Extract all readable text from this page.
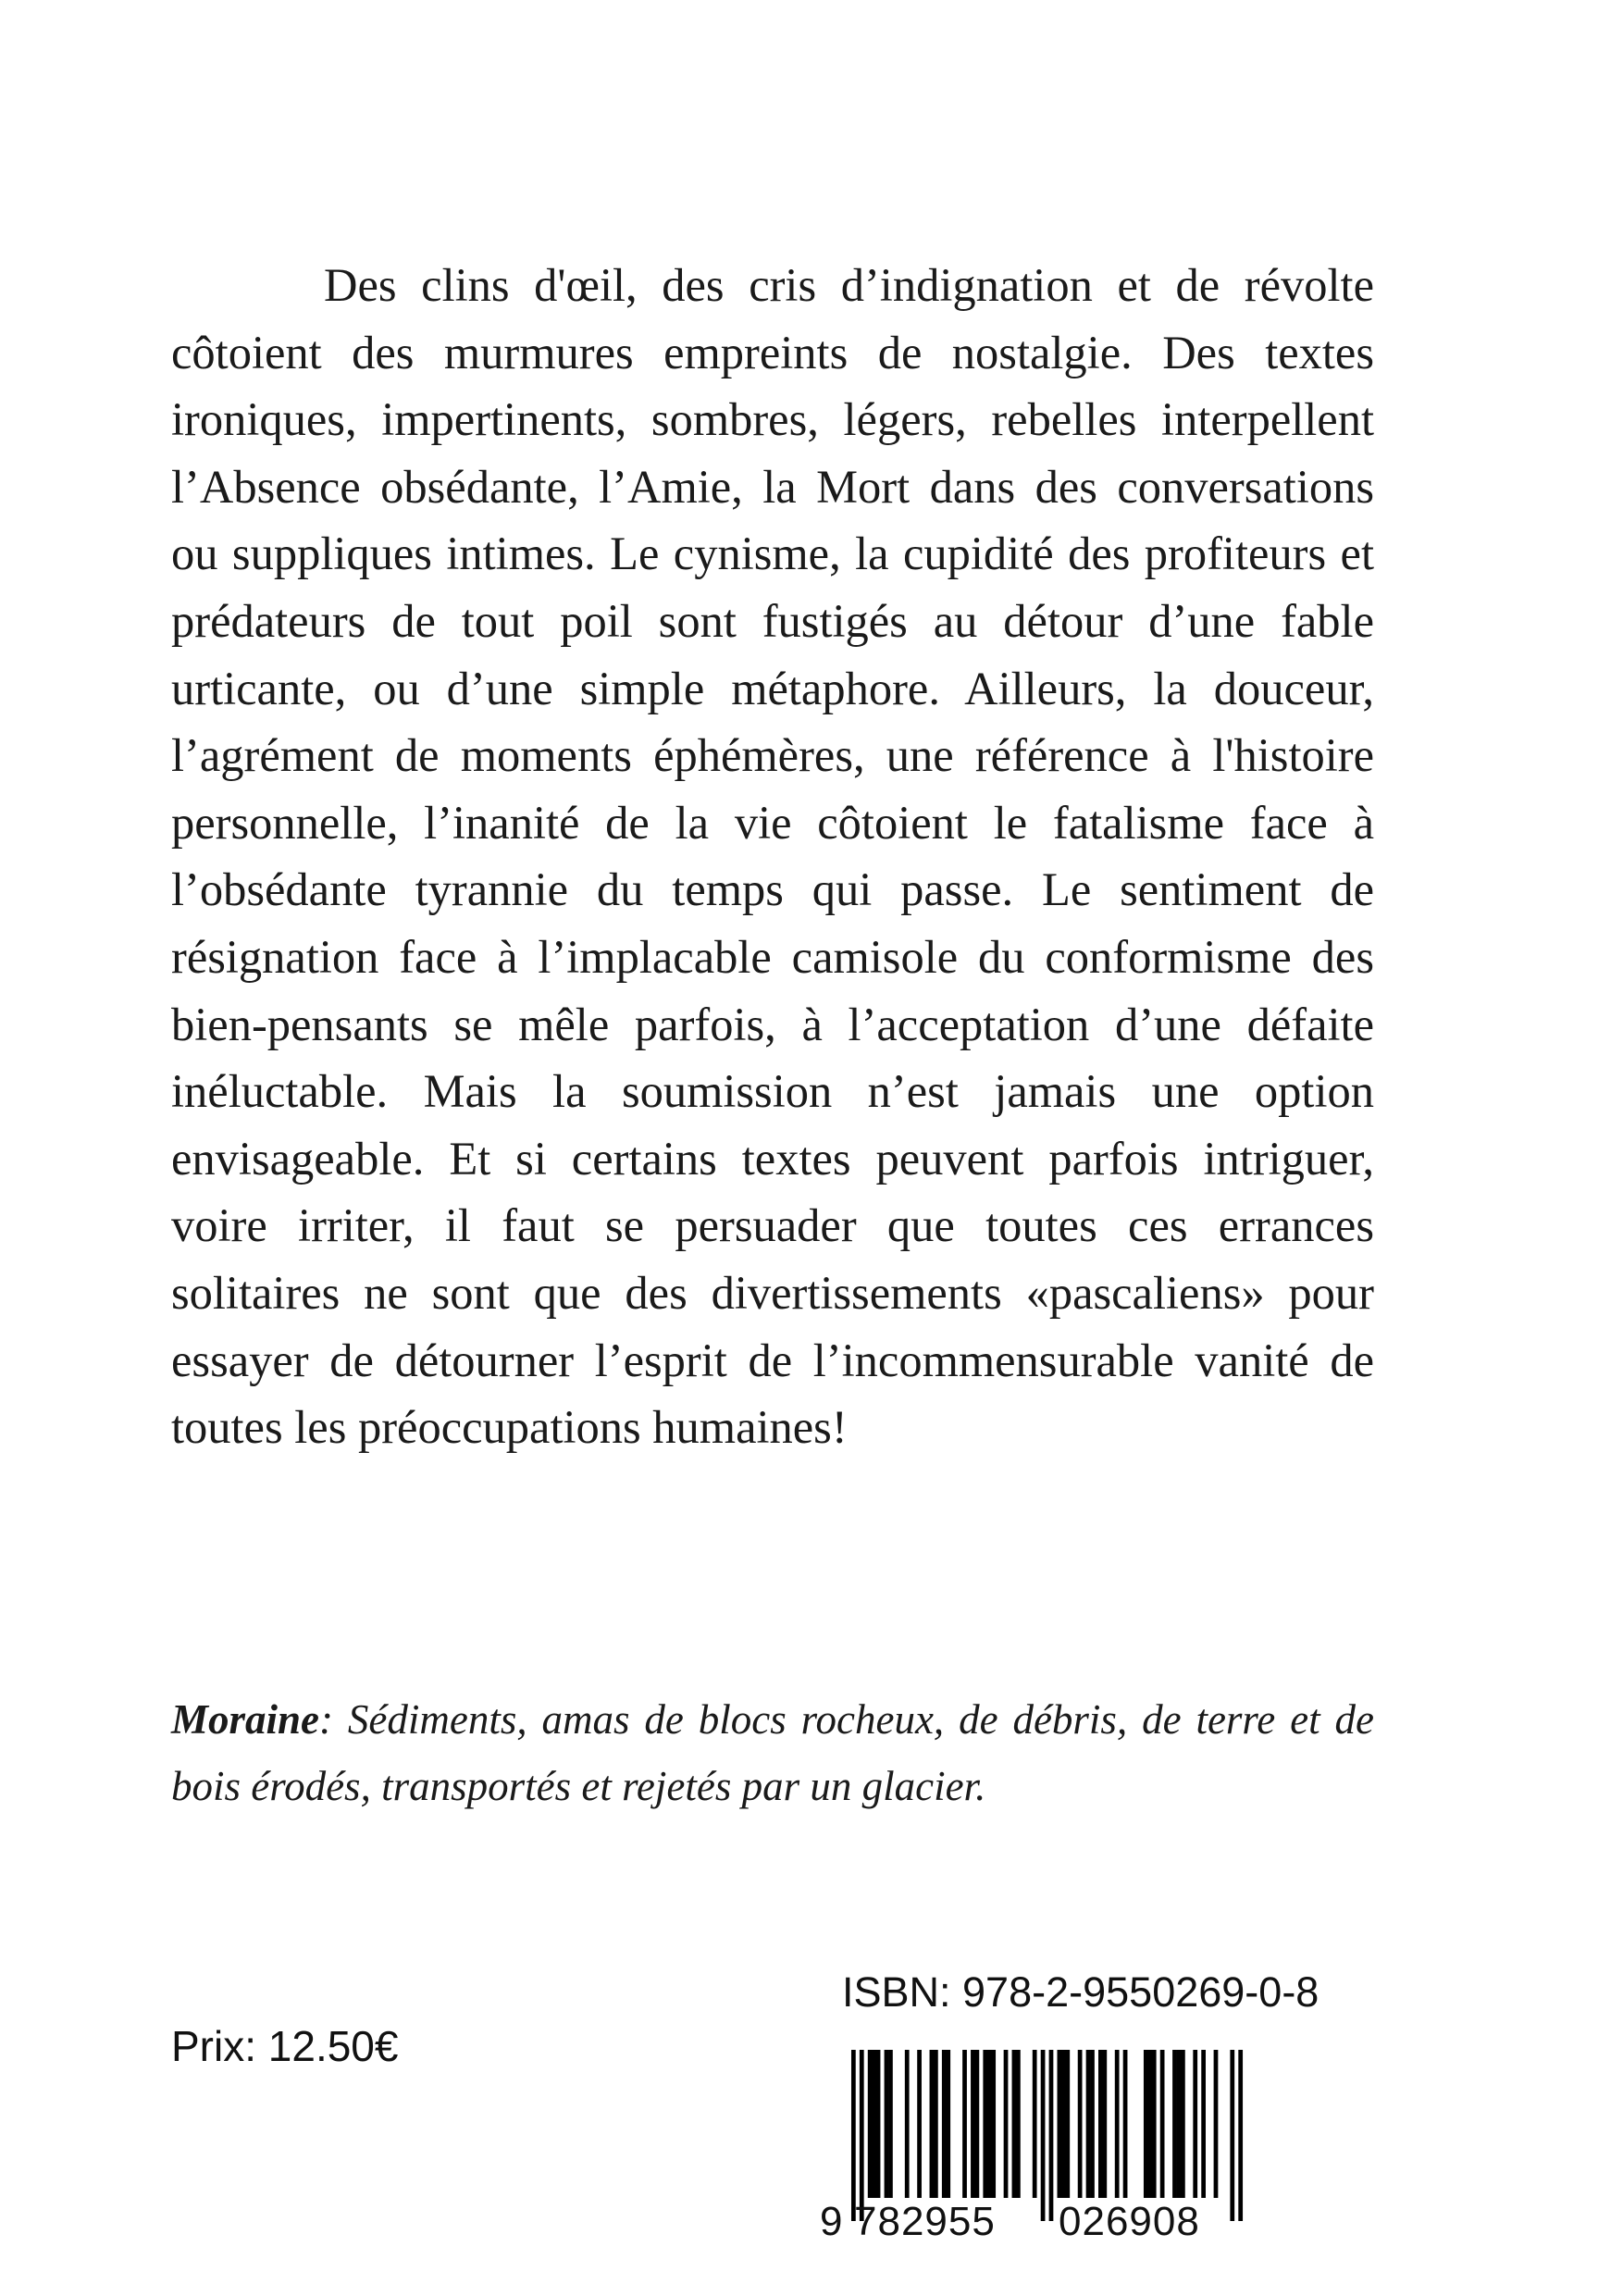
Des clins d'œil, des cris d’indignation et de révolte côtoient des murmures empreints de nostalgie. Des textes ironiques, impertinents, sombres, légers, rebelles interpellent l’Absence obsédante, l’Amie, la Mort dans des conversations ou suppliques intimes. Le cynisme, la cupidité des profiteurs et prédateurs de tout poil sont fustigés au détour d’une fable urticante, ou d’une simple métaphore. Ailleurs, la douceur, l’agrément de moments éphémères, une référence à l'histoire personnelle, l’inanité de la vie côtoient le fatalisme face à l’obsédante tyrannie du temps qui passe. Le sentiment de résignation face à l’implacable camisole du conformisme des bien-pensants se mêle parfois, à l’acceptation d’une défaite inéluctable. Mais la soumission n’est jamais une option envisageable. Et si certains textes peuvent parfois intriguer, voire irriter, il faut se persuader que toutes ces errances solitaires ne sont que des divertissements «pascaliens» pour essayer de détourner l’esprit de l’incommensurable vanité de toutes les préoccupations humaines!

Moraine: Sédiments, amas de blocs rocheux, de débris, de terre et de bois érodés, transportés et rejetés par un glacier.

Prix: 12.50€
ISBN: 978-2-9550269-0-8
9 782955 026908
